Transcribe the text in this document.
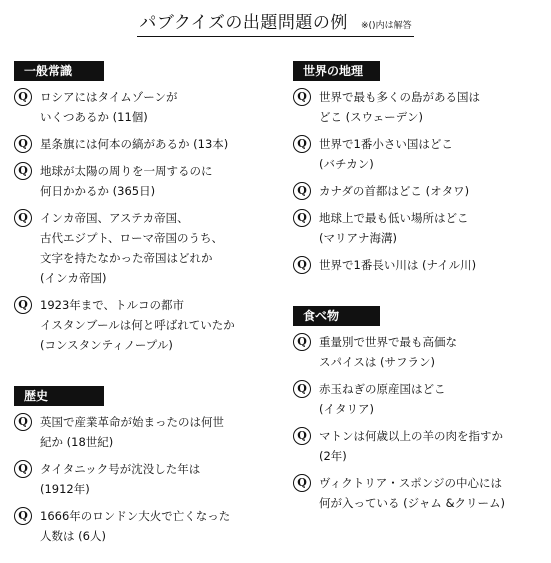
パブクイズの出題問題の例 ※()内は解答
一般常識
Q	ロシアにはタイムゾーンが
いくつあるか (11個)
Q	星条旗には何本の縞があるか (13本)
Q	地球が太陽の周りを一周するのに
何日かかるか (365日)
Q	インカ帝国、アステカ帝国、
古代エジプト、ローマ帝国のうち、
文字を持たなかった帝国はどれか
(インカ帝国)
Q	1923年まで、トルコの都市
イスタンブールは何と呼ばれていたか
(コンスタンティノープル)
歴史
Q	英国で産業革命が始まったのは何世
紀か (18世紀)
Q	タイタニック号が沈没した年は
(1912年)
Q	1666年のロンドン大火で亡くなった
人数は (6人)
世界の地理
Q	世界で最も多くの島がある国は
どこ (スウェーデン)
Q	世界で1番小さい国はどこ
(バチカン)
Q	カナダの首都はどこ (オタワ)
Q	地球上で最も低い場所はどこ
(マリアナ海溝)
Q	世界で1番長い川は (ナイル川)
食べ物
Q	重量別で世界で最も高価な
スパイスは (サフラン)
Q	赤玉ねぎの原産国はどこ
(イタリア)
Q	マトンは何歳以上の羊の肉を指すか
(2年)
Q	ヴィクトリア・スポンジの中心には
何が入っている (ジャム &クリーム)
